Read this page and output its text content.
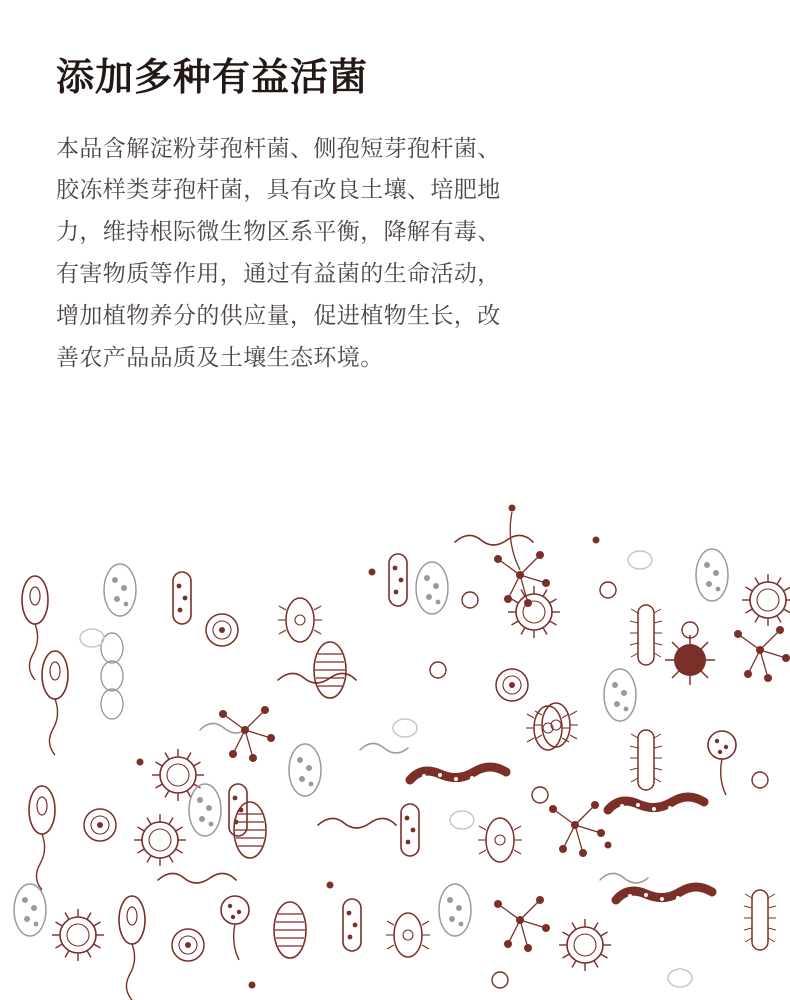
添加多种有益活菌

本品含解淀粉芽孢杆菌、侧孢短芽孢杆菌、胶冻样类芽孢杆菌，具有改良土壤、培肥地力，维持根际微生物区系平衡，降解有毒、有害物质等作用，通过有益菌的生命活动，增加植物养分的供应量，促进植物生长，改善农产品品质及土壤生态环境。
